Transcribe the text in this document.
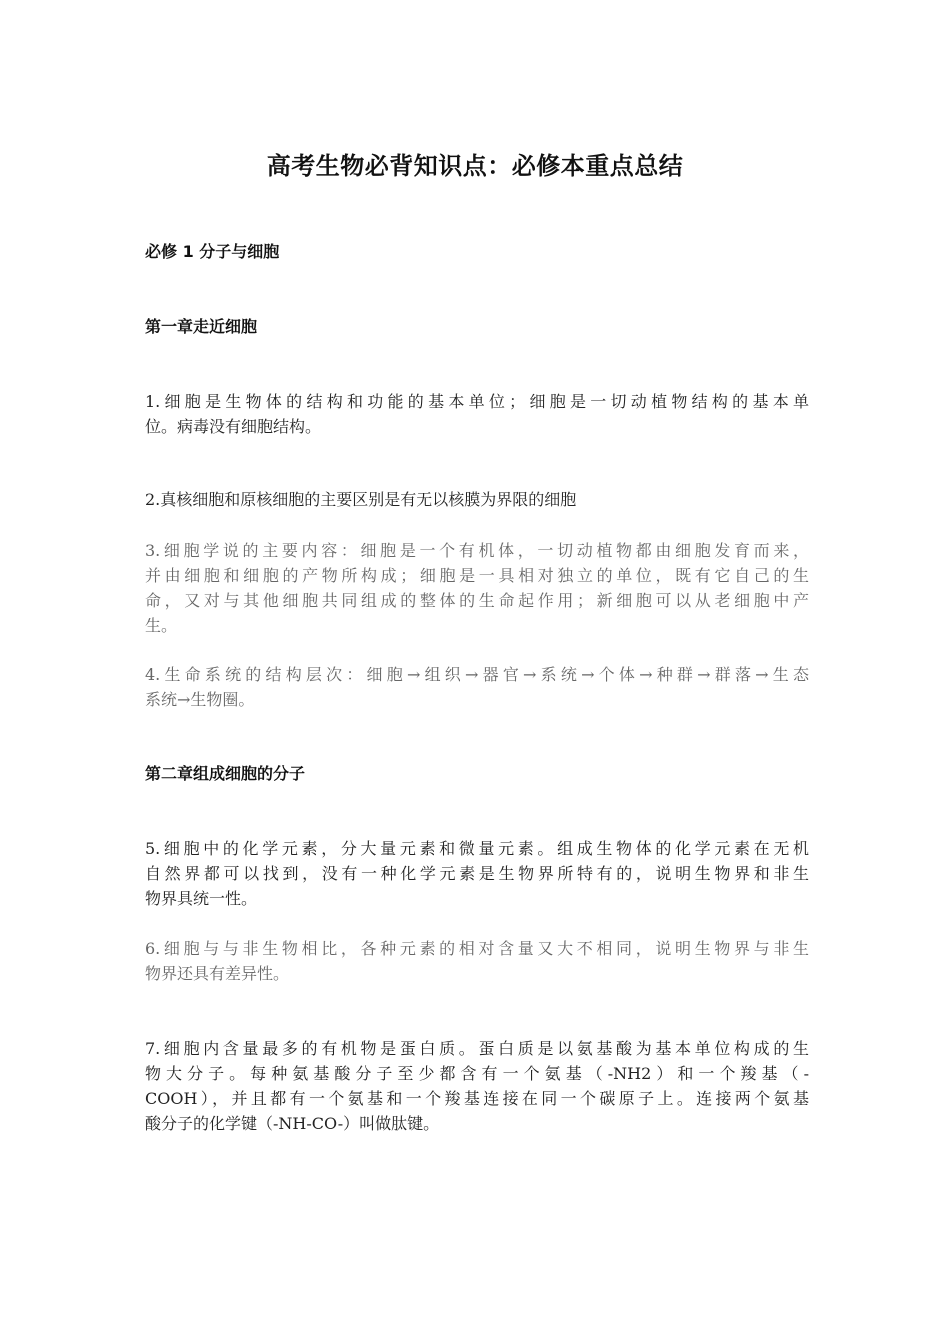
高考生物必背知识点：必修本重点总结
必修 1 分子与细胞
第一章走近细胞
1.细胞是生物体的结构和功能的基本单位；细胞是一切动植物结构的基本单
位。病毒没有细胞结构。
2.真核细胞和原核细胞的主要区别是有无以核膜为界限的细胞
3.细胞学说的主要内容：细胞是一个有机体，一切动植物都由细胞发育而来，
并由细胞和细胞的产物所构成；细胞是一具相对独立的单位，既有它自己的生
命，又对与其他细胞共同组成的整体的生命起作用；新细胞可以从老细胞中产
生。
4.生命系统的结构层次：细胞→组织→器官→系统→个体→种群→群落→生态
系统→生物圈。
第二章组成细胞的分子
5.细胞中的化学元素，分大量元素和微量元素。组成生物体的化学元素在无机
自然界都可以找到，没有一种化学元素是生物界所特有的，说明生物界和非生
物界具统一性。
6.细胞与与非生物相比，各种元素的相对含量又大不相同，说明生物界与非生
物界还具有差异性。
7.细胞内含量最多的有机物是蛋白质。蛋白质是以氨基酸为基本单位构成的生
物大分子。每种氨基酸分子至少都含有一个氨基（-NH2）和一个羧基（-
COOH），并且都有一个氨基和一个羧基连接在同一个碳原子上。连接两个氨基
酸分子的化学键（-NH-CO-）叫做肽键。
